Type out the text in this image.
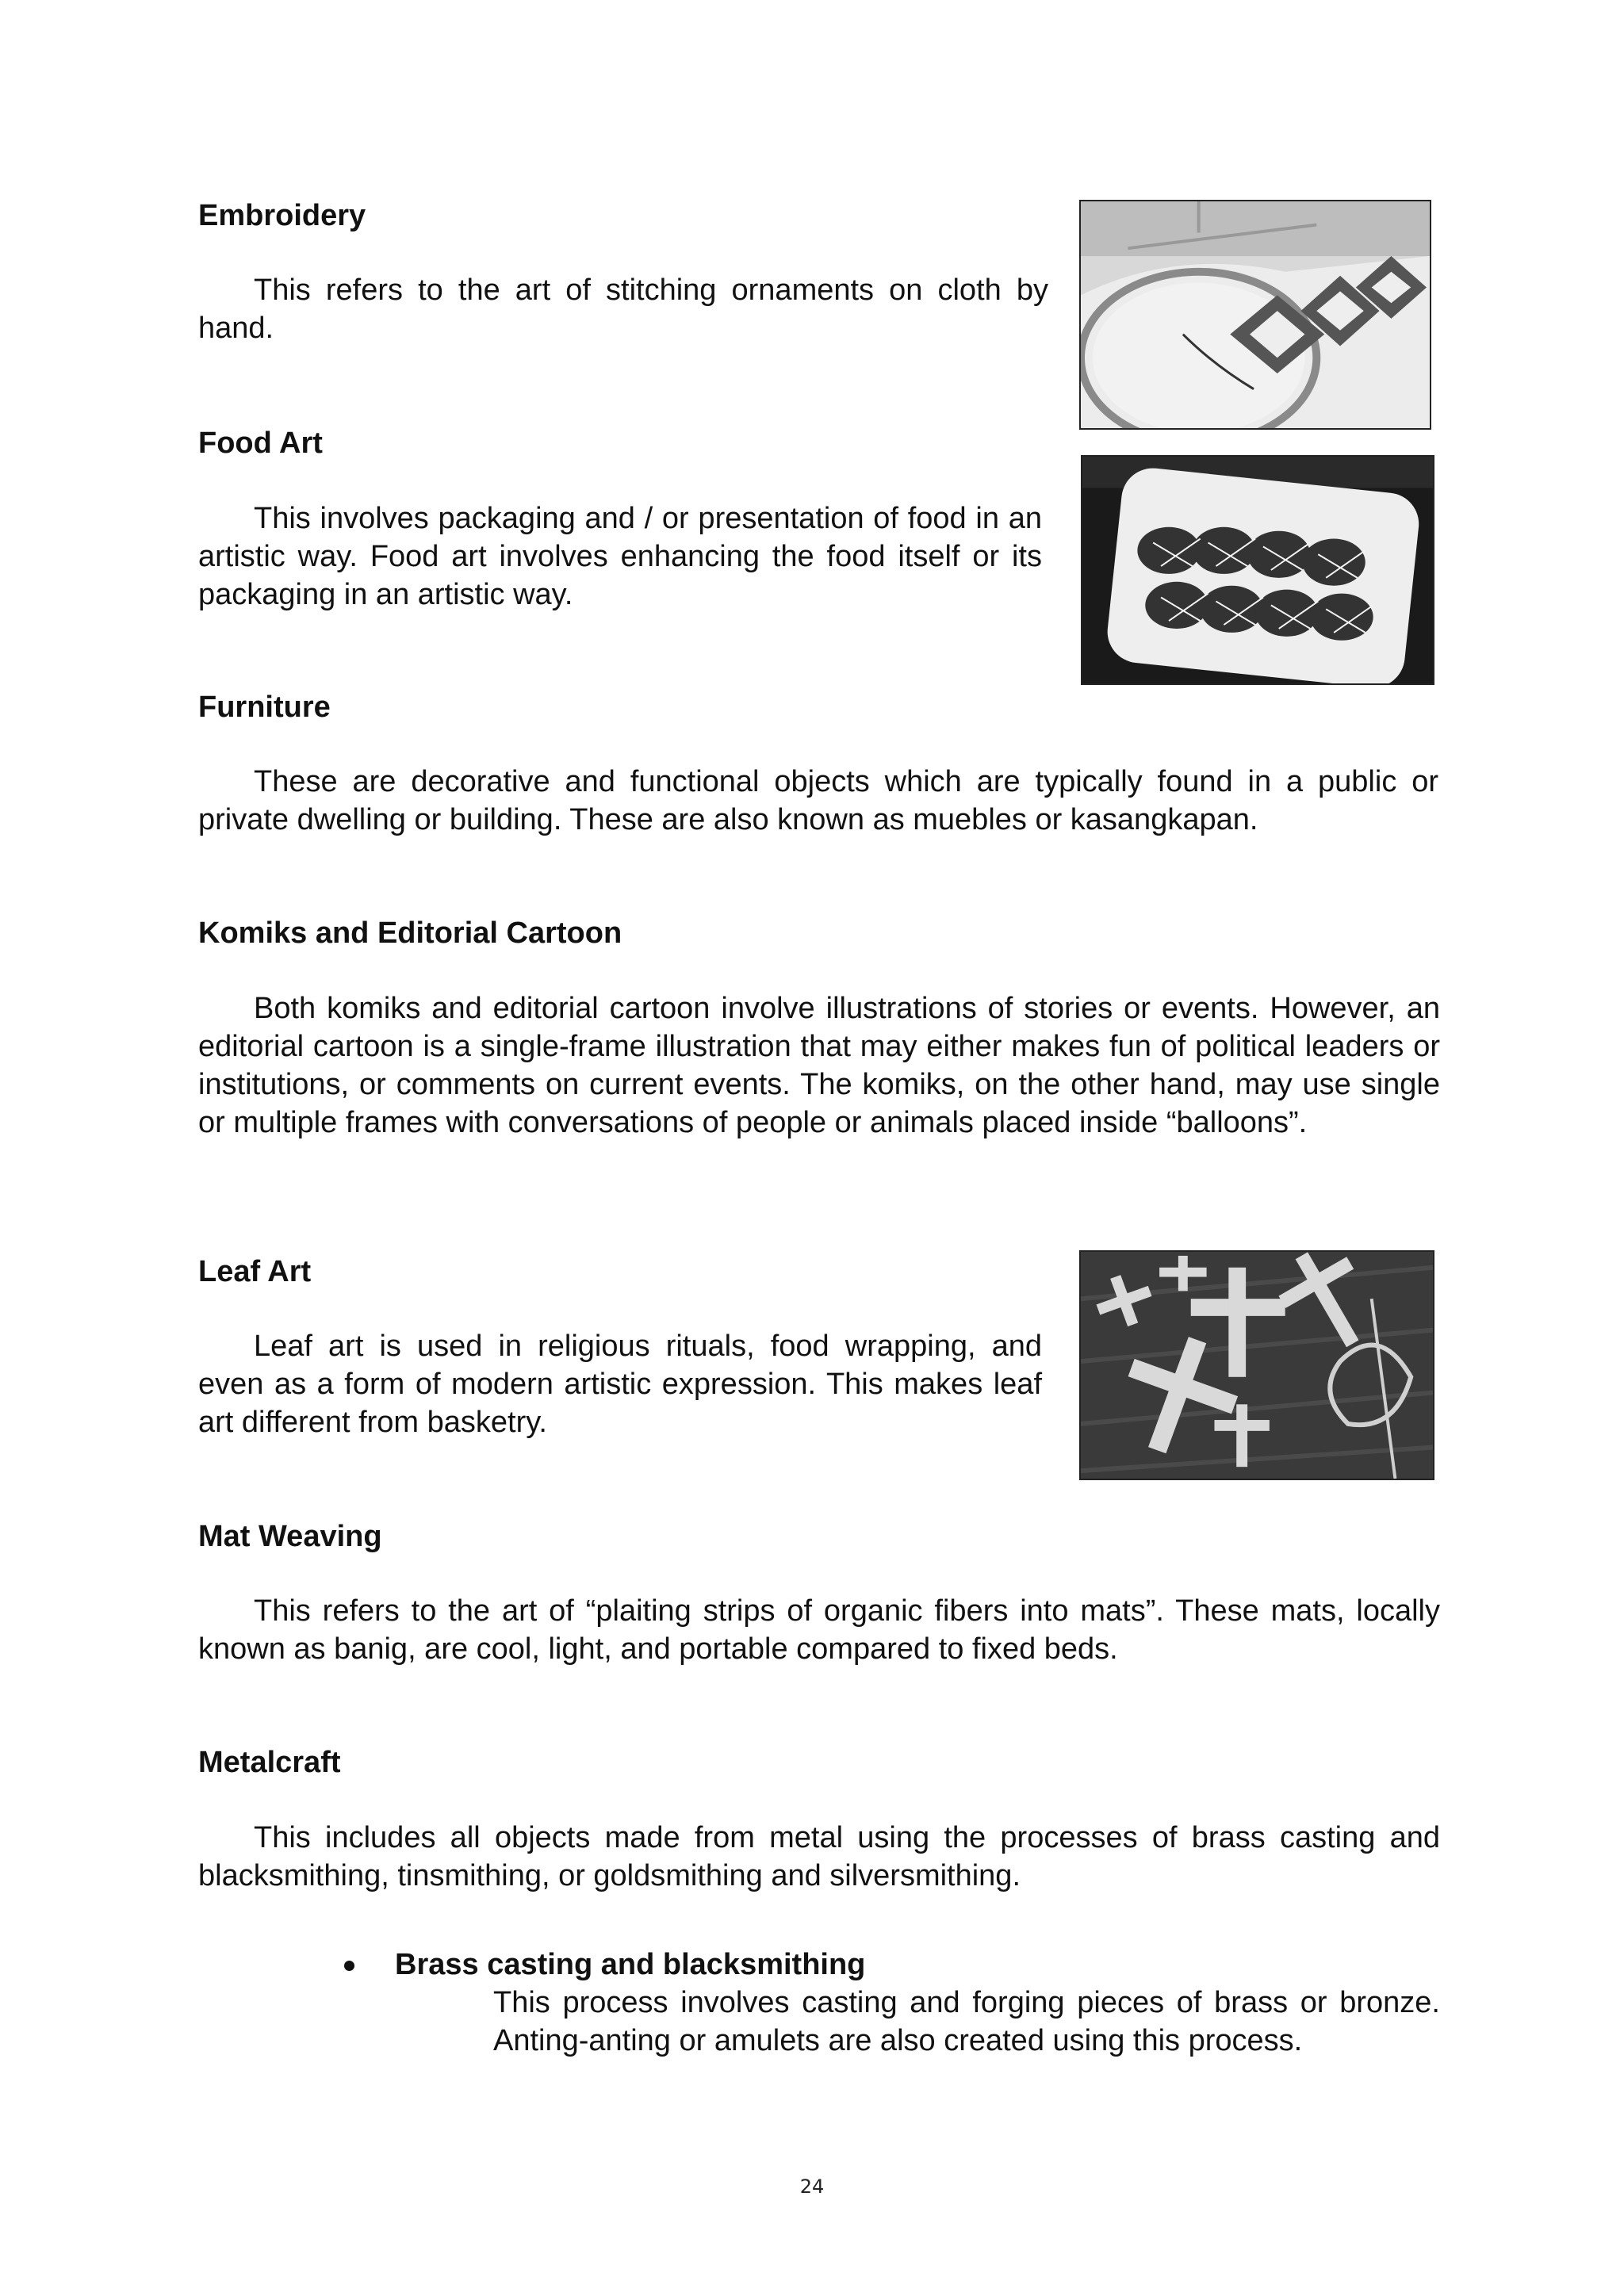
Embroidery

This refers to the art of stitching ornaments on cloth by hand.

Food Art

This involves packaging and / or presentation of food in an artistic way. Food art involves enhancing the food itself or its packaging in an artistic way.

Furniture

These are decorative and functional objects which are typically found in a public or private dwelling or building. These are also known as muebles or kasangkapan.

Komiks and Editorial Cartoon

Both komiks and editorial cartoon involve illustrations of stories or events. However, an editorial cartoon is a single-frame illustration that may either makes fun of political leaders or institutions, or comments on current events. The komiks, on the other hand, may use single or multiple frames with conversations of people or animals placed inside “balloons”.

Leaf Art

Leaf art is used in religious rituals, food wrapping, and even as a form of modern artistic expression. This makes leaf art different from basketry.

Mat Weaving

This refers to the art of “plaiting strips of organic fibers into mats”. These mats, locally known as banig, are cool, light, and portable compared to fixed beds.

Metalcraft

This includes all objects made from metal using the processes of brass casting and blacksmithing, tinsmithing, or goldsmithing and silversmithing.

Brass casting and blacksmithing

This process involves casting and forging pieces of brass or bronze. Anting-anting or amulets are also created using this process.

24
